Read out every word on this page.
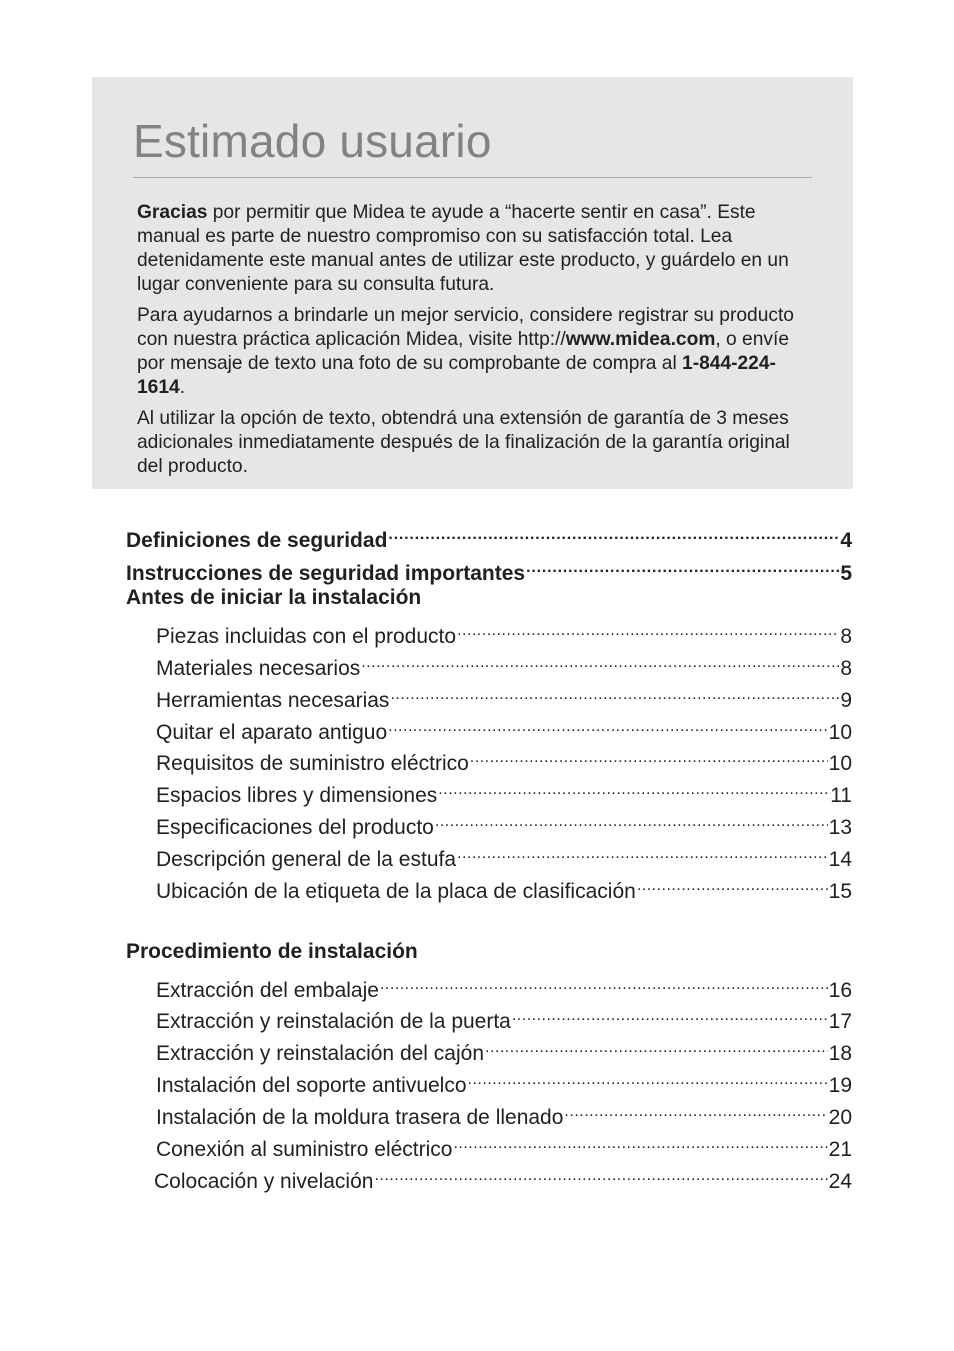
Estimado usuario

Gracias por permitir que Midea te ayude a “hacerte sentir en casa”. Este manual es parte de nuestro compromiso con su satisfacción total. Lea detenidamente este manual antes de utilizar este producto, y guárdelo en un lugar conveniente para su consulta futura.

Para ayudarnos a brindarle un mejor servicio, considere registrar su producto con nuestra práctica aplicación Midea, visite http://www.midea.com, o envíe por mensaje de texto una foto de su comprobante de compra al 1-844-224-1614.

Al utilizar la opción de texto, obtendrá una extensión de garantía de 3 meses adicionales inmediatamente después de la finalización de la garantía original del producto.

Definiciones de seguridad .....	4
Instrucciones de seguridad importantes .....	5
Antes de iniciar la instalación
Piezas incluidas con el producto .....	8
Materiales necesarios .....	8
Herramientas necesarias .....	9
Quitar el aparato antiguo .....	10
Requisitos de suministro eléctrico .....	10
Espacios libres y dimensiones .....	11
Especificaciones del producto .....	13
Descripción general de la estufa .....	14
Ubicación de la etiqueta de la placa de clasificación .....	15
Procedimiento de instalación
Extracción del embalaje .....	16
Extracción y reinstalación de la puerta .....	17
Extracción y reinstalación del cajón .....	18
Instalación del soporte antivuelco .....	19
Instalación de la moldura trasera de llenado .....	20
Conexión al suministro eléctrico .....	21
Colocación y nivelación .....	24
